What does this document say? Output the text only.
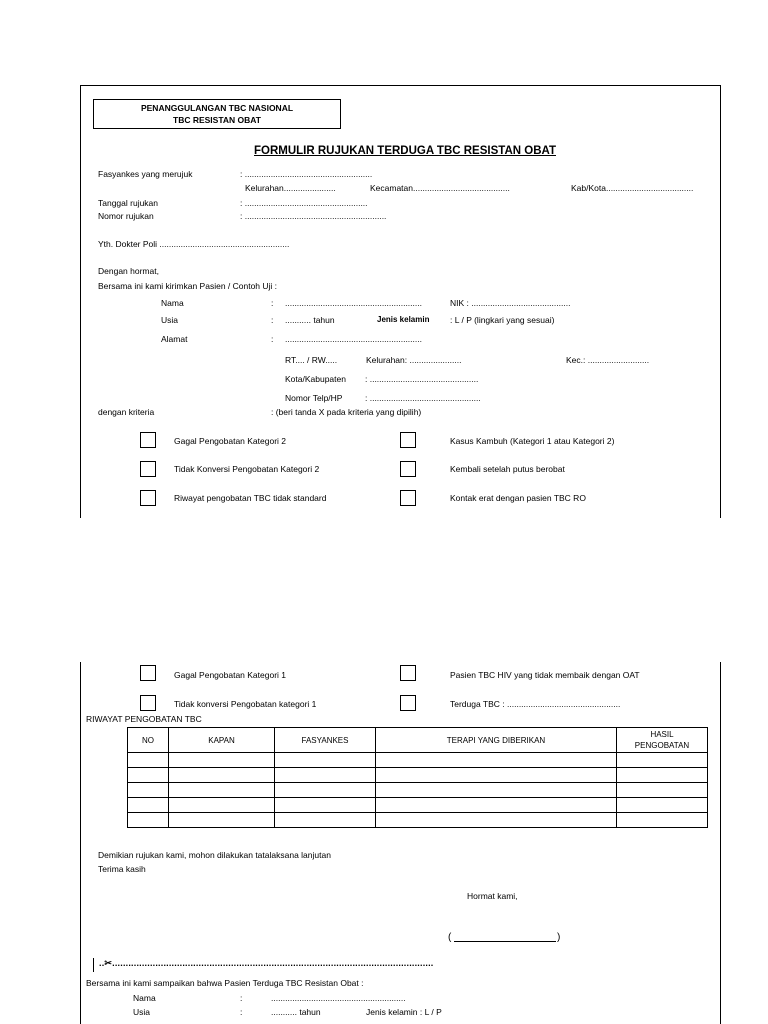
PENANGGULANGAN TBC NASIONAL
TBC RESISTAN OBAT
FORMULIR RUJUKAN TERDUGA TBC RESISTAN OBAT
Fasyankes yang merujuk	: ......................................................
Kelurahan......................	Kecamatan.........................................	Kab/Kota.....................................
Tanggal rujukan	: ....................................................
Nomor rujukan	: ............................................................
Yth. Dokter Poli .......................................................
Dengan hormat,
Bersama ini kami kirimkan Pasien / Contoh Uji :
Nama	: ..........................................................	NIK : ..........................................
Usia	: ........... tahun	Jenis kelamin : L / P (lingkari yang sesuai)
Alamat	: ..........................................................
RT.... / RW.....	Kelurahan: ......................	Kec.: ..........................
Kota/Kabupaten : ..............................................
Nomor Telp/HP	: ...............................................
dengan kriteria	: (beri tanda X pada kriteria yang dipilih)
Gagal Pengobatan Kategori 2	Kasus Kambuh (Kategori 1 atau Kategori 2)
Tidak Konversi Pengobatan Kategori 2	Kembali setelah putus berobat
Riwayat pengobatan TBC tidak standard	Kontak erat dengan pasien TBC RO
Gagal Pengobatan Kategori 1	Pasien TBC HIV yang tidak membaik dengan OAT
Tidak konversi Pengobatan kategori 1	Terduga TBC : ................................................
RIWAYAT PENGOBATAN TBC
NO	KAPAN	FASYANKES	TERAPI YANG DIBERIKAN	HASIL
PENGOBATAN

Demikian rujukan kami, mohon dilakukan tatalaksana lanjutan
Terima kasih
Hormat kami,
(	)
..✂.......................................................................................................................
Bersama ini kami sampaikan bahwa Pasien Terduga TBC Resistan Obat :
Nama	:	.........................................................
Usia	:	........... tahun	Jenis kelamin : L / P
